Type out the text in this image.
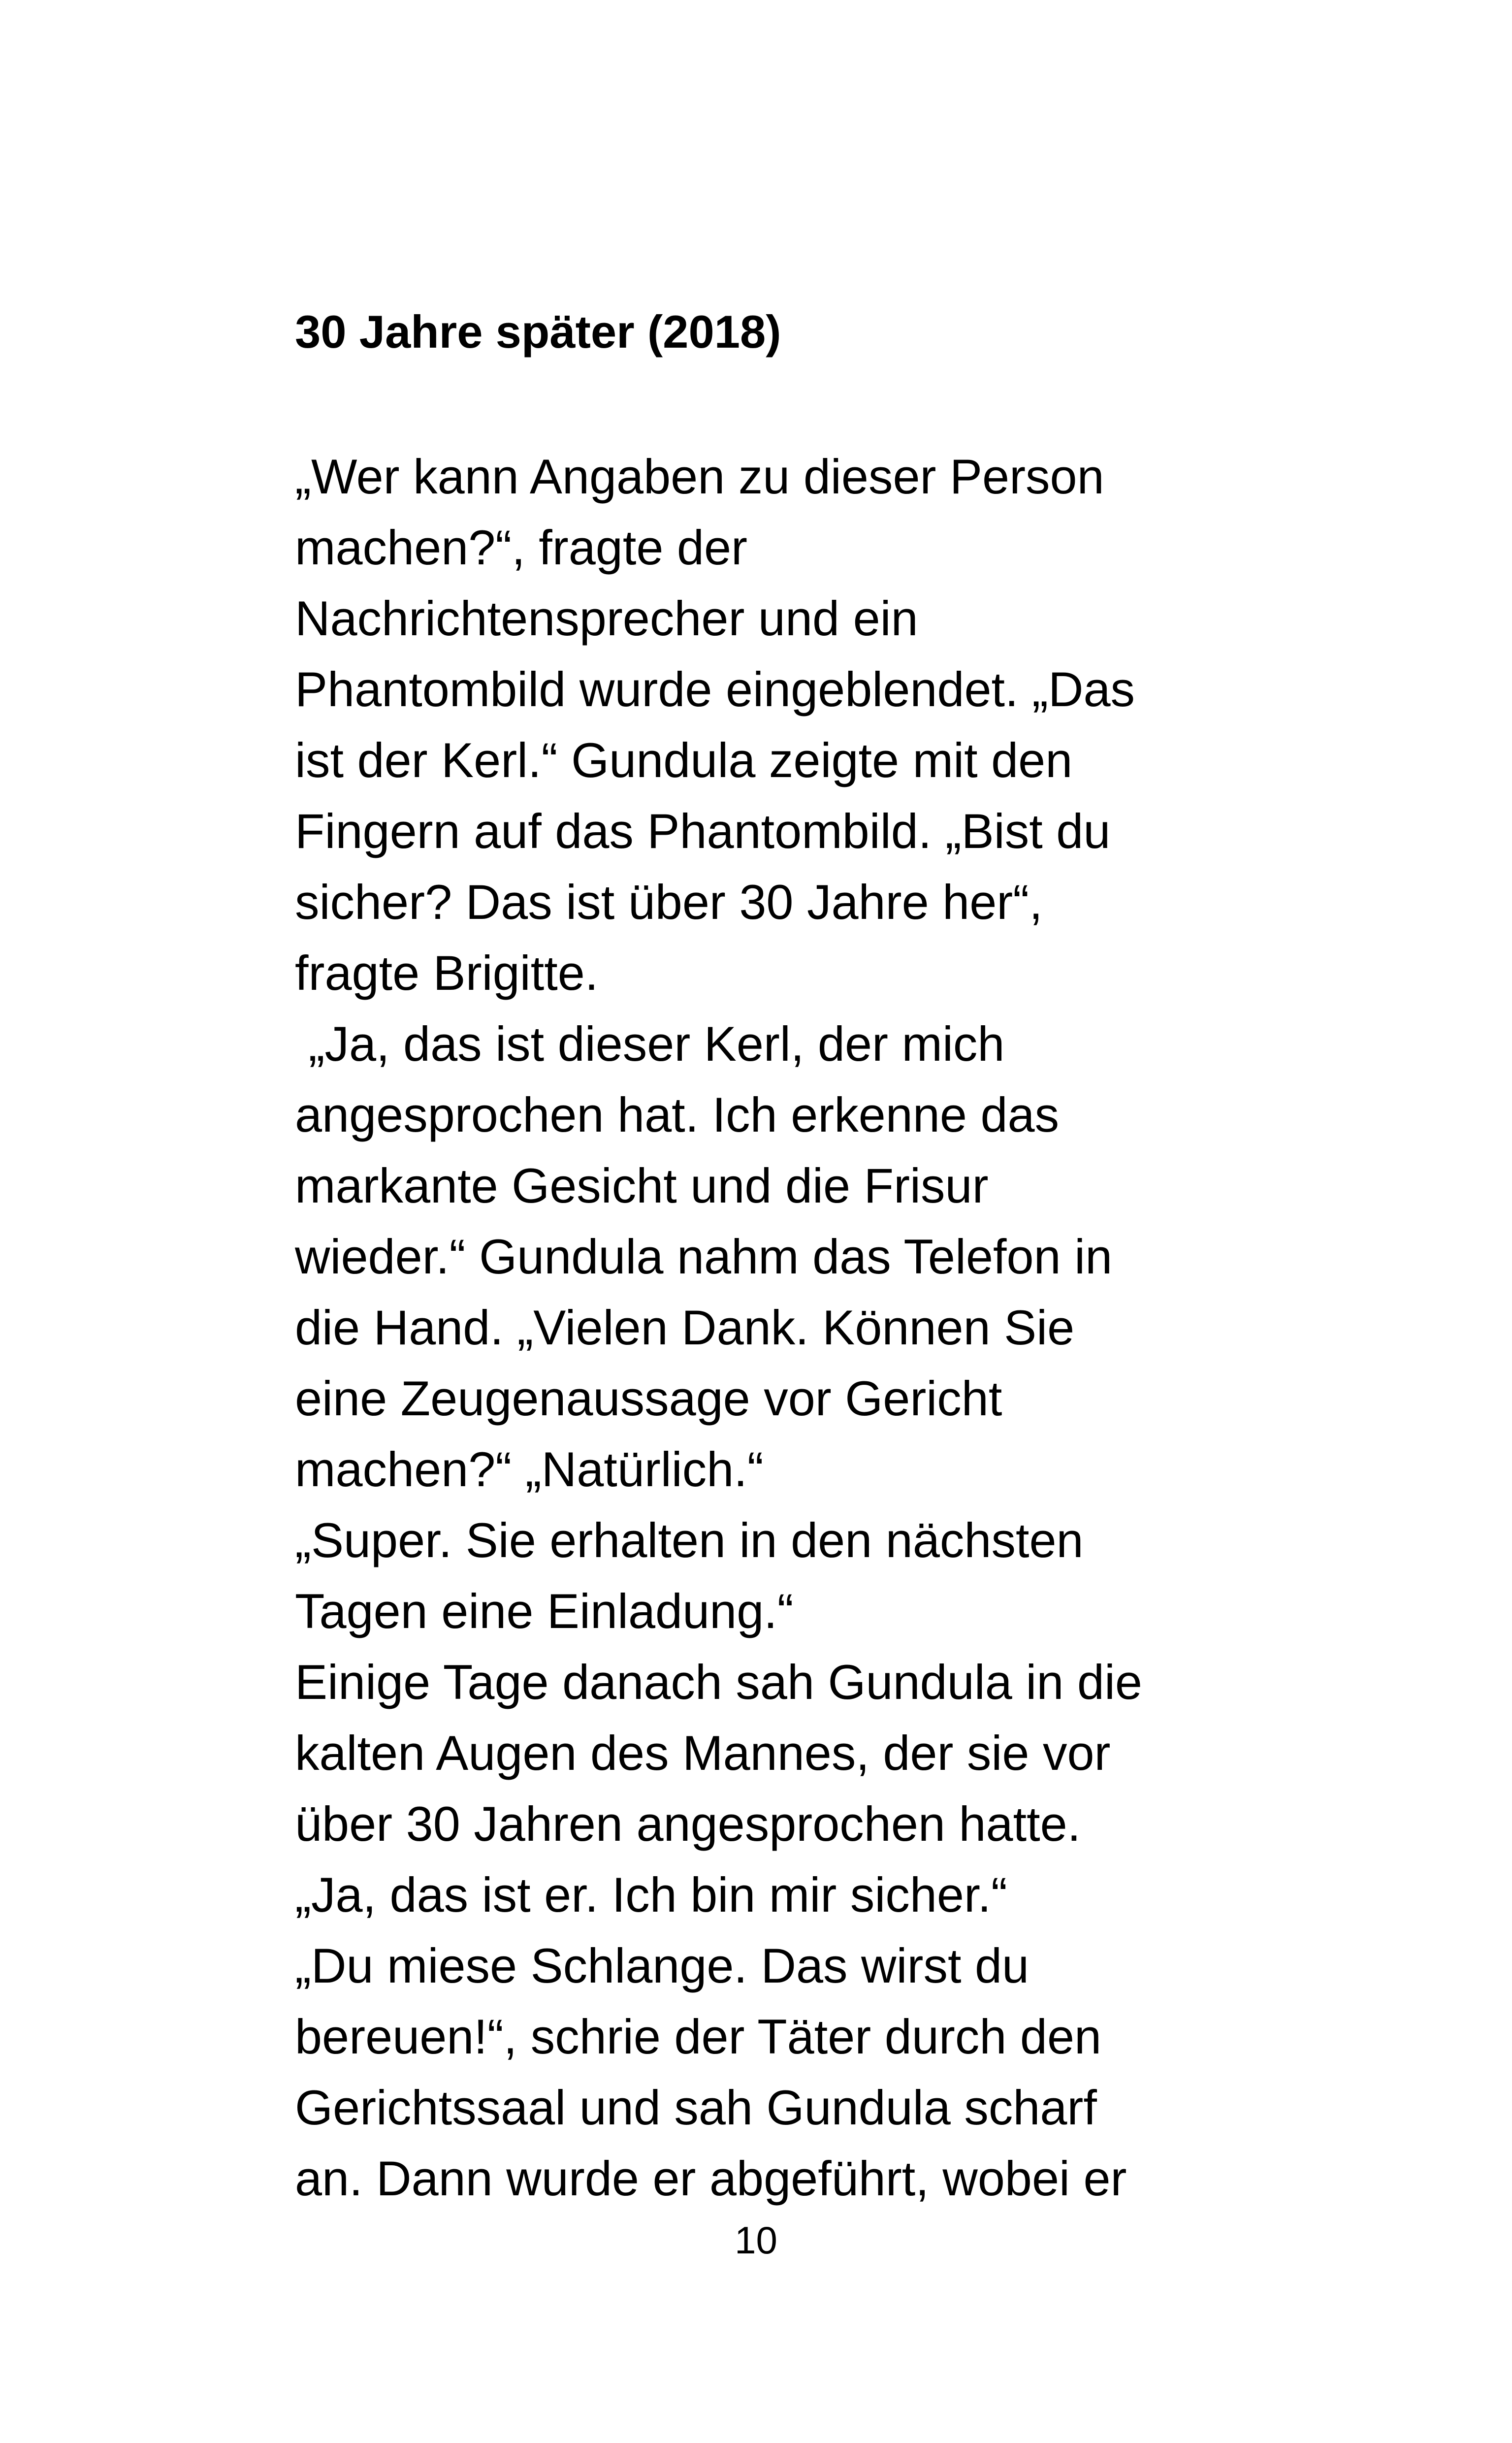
30 Jahre später (2018)
„Wer kann Angaben zu dieser Person
machen?“, fragte der
Nachrichtensprecher und ein
Phantombild wurde eingeblendet. „Das
ist der Kerl.“ Gundula zeigte mit den
Fingern auf das Phantombild. „Bist du
sicher? Das ist über 30 Jahre her“,
fragte Brigitte.
„Ja, das ist dieser Kerl, der mich
angesprochen hat. Ich erkenne das
markante Gesicht und die Frisur
wieder.“ Gundula nahm das Telefon in
die Hand. „Vielen Dank. Können Sie
eine Zeugenaussage vor Gericht
machen?“ „Natürlich.“
„Super. Sie erhalten in den nächsten
Tagen eine Einladung.“
Einige Tage danach sah Gundula in die
kalten Augen des Mannes, der sie vor
über 30 Jahren angesprochen hatte.
„Ja, das ist er. Ich bin mir sicher.“
„Du miese Schlange. Das wirst du
bereuen!“, schrie der Täter durch den
Gerichtssaal und sah Gundula scharf
an. Dann wurde er abgeführt, wobei er
10
